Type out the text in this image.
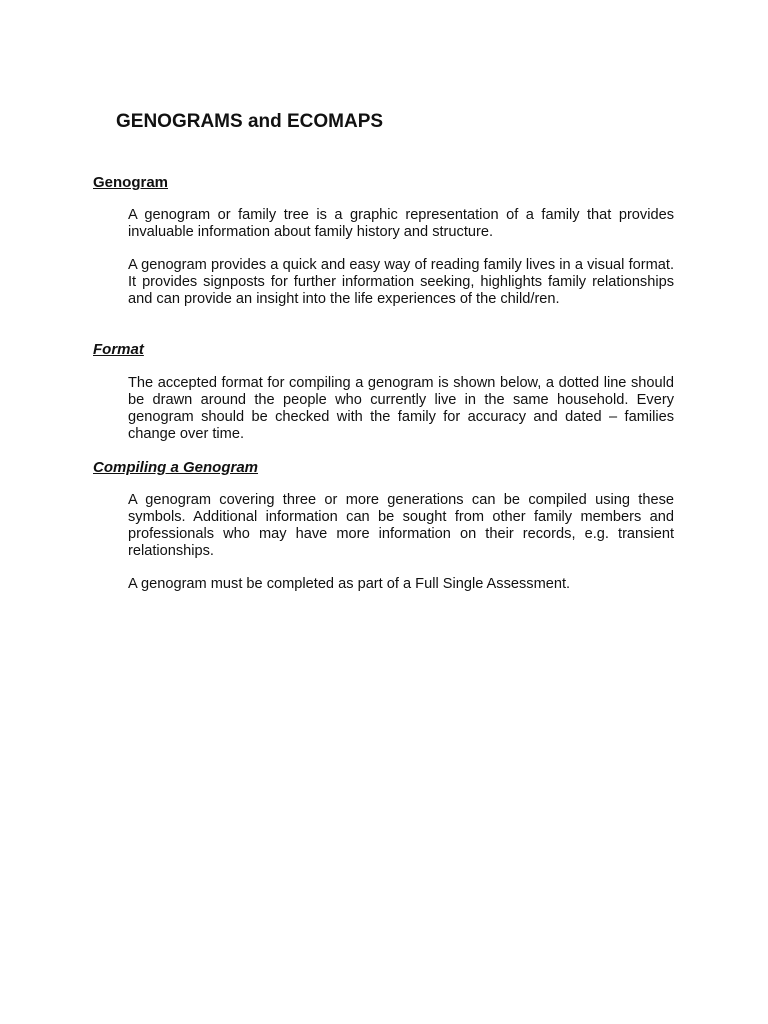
GENOGRAMS and ECOMAPS
Genogram

A genogram or family tree is a graphic representation of a family that provides invaluable information about family history and structure.

A genogram provides a quick and easy way of reading family lives in a visual format. It provides signposts for further information seeking, highlights family relationships and can provide an insight into the life experiences of the child/ren.

Format

The accepted format for compiling a genogram is shown below, a dotted line should be drawn around the people who currently live in the same household. Every genogram should be checked with the family for accuracy and dated – families change over time.

Compiling a Genogram

A genogram covering three or more generations can be compiled using these symbols. Additional information can be sought from other family members and professionals who may have more information on their records, e.g. transient relationships.

A genogram must be completed as part of a Full Single Assessment.
